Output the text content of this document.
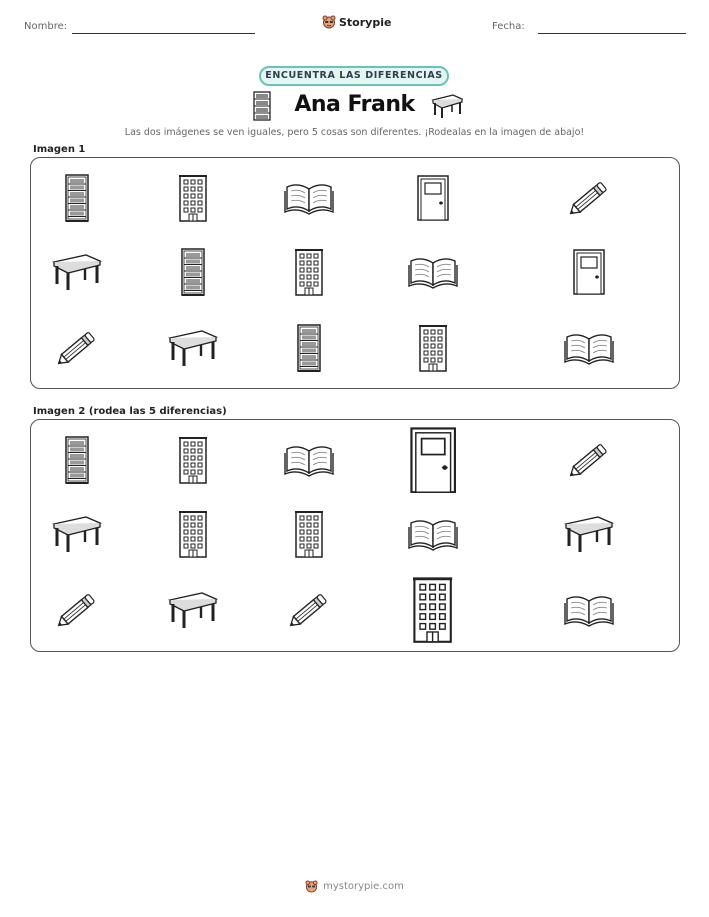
Nombre:	Storypie	Fecha:
ENCUENTRA LAS DIFERENCIAS
Ana Frank
Las dos imágenes se ven iguales, pero 5 cosas son diferentes. ¡Rodealas en la imagen de abajo!
Imagen 1
Imagen 2 (rodea las 5 diferencias)
mystorypie.com
